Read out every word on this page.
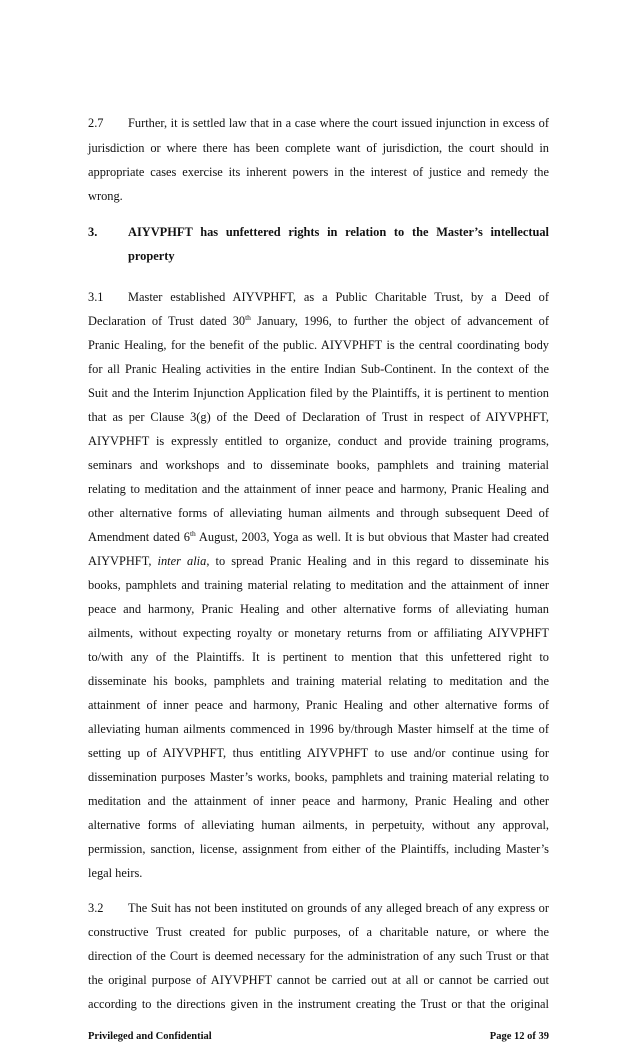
2.7 Further, it is settled law that in a case where the court issued injunction in excess of
jurisdiction or where there has been complete want of jurisdiction, the court should in
appropriate cases exercise its inherent powers in the interest of justice and remedy the
wrong.
3. AIYVPHFT has unfettered rights in relation to the Master’s intellectual
property
3.1 Master established AIYVPHFT, as a Public Charitable Trust, by a Deed of
Declaration of Trust dated 30th January, 1996, to further the object of advancement of
Pranic Healing, for the benefit of the public. AIYVPHFT is the central coordinating body
for all Pranic Healing activities in the entire Indian Sub-Continent. In the context of the
Suit and the Interim Injunction Application filed by the Plaintiffs, it is pertinent to mention
that as per Clause 3(g) of the Deed of Declaration of Trust in respect of AIYVPHFT,
AIYVPHFT is expressly entitled to organize, conduct and provide training programs,
seminars and workshops and to disseminate books, pamphlets and training material
relating to meditation and the attainment of inner peace and harmony, Pranic Healing and
other alternative forms of alleviating human ailments and through subsequent Deed of
Amendment dated 6th August, 2003, Yoga as well. It is but obvious that Master had created
AIYVPHFT, inter alia, to spread Pranic Healing and in this regard to disseminate his
books, pamphlets and training material relating to meditation and the attainment of inner
peace and harmony, Pranic Healing and other alternative forms of alleviating human
ailments, without expecting royalty or monetary returns from or affiliating AIYVPHFT
to/with any of the Plaintiffs. It is pertinent to mention that this unfettered right to
disseminate his books, pamphlets and training material relating to meditation and the
attainment of inner peace and harmony, Pranic Healing and other alternative forms of
alleviating human ailments commenced in 1996 by/through Master himself at the time of
setting up of AIYVPHFT, thus entitling AIYVPHFT to use and/or continue using for
dissemination purposes Master’s works, books, pamphlets and training material relating to
meditation and the attainment of inner peace and harmony, Pranic Healing and other
alternative forms of alleviating human ailments, in perpetuity, without any approval,
permission, sanction, license, assignment from either of the Plaintiffs, including Master’s
legal heirs.
3.2 The Suit has not been instituted on grounds of any alleged breach of any express or
constructive Trust created for public purposes, of a charitable nature, or where the
direction of the Court is deemed necessary for the administration of any such Trust or that
the original purpose of AIYVPHFT cannot be carried out at all or cannot be carried out
according to the directions given in the instrument creating the Trust or that the original
Privileged and Confidential	Page 12 of 39
